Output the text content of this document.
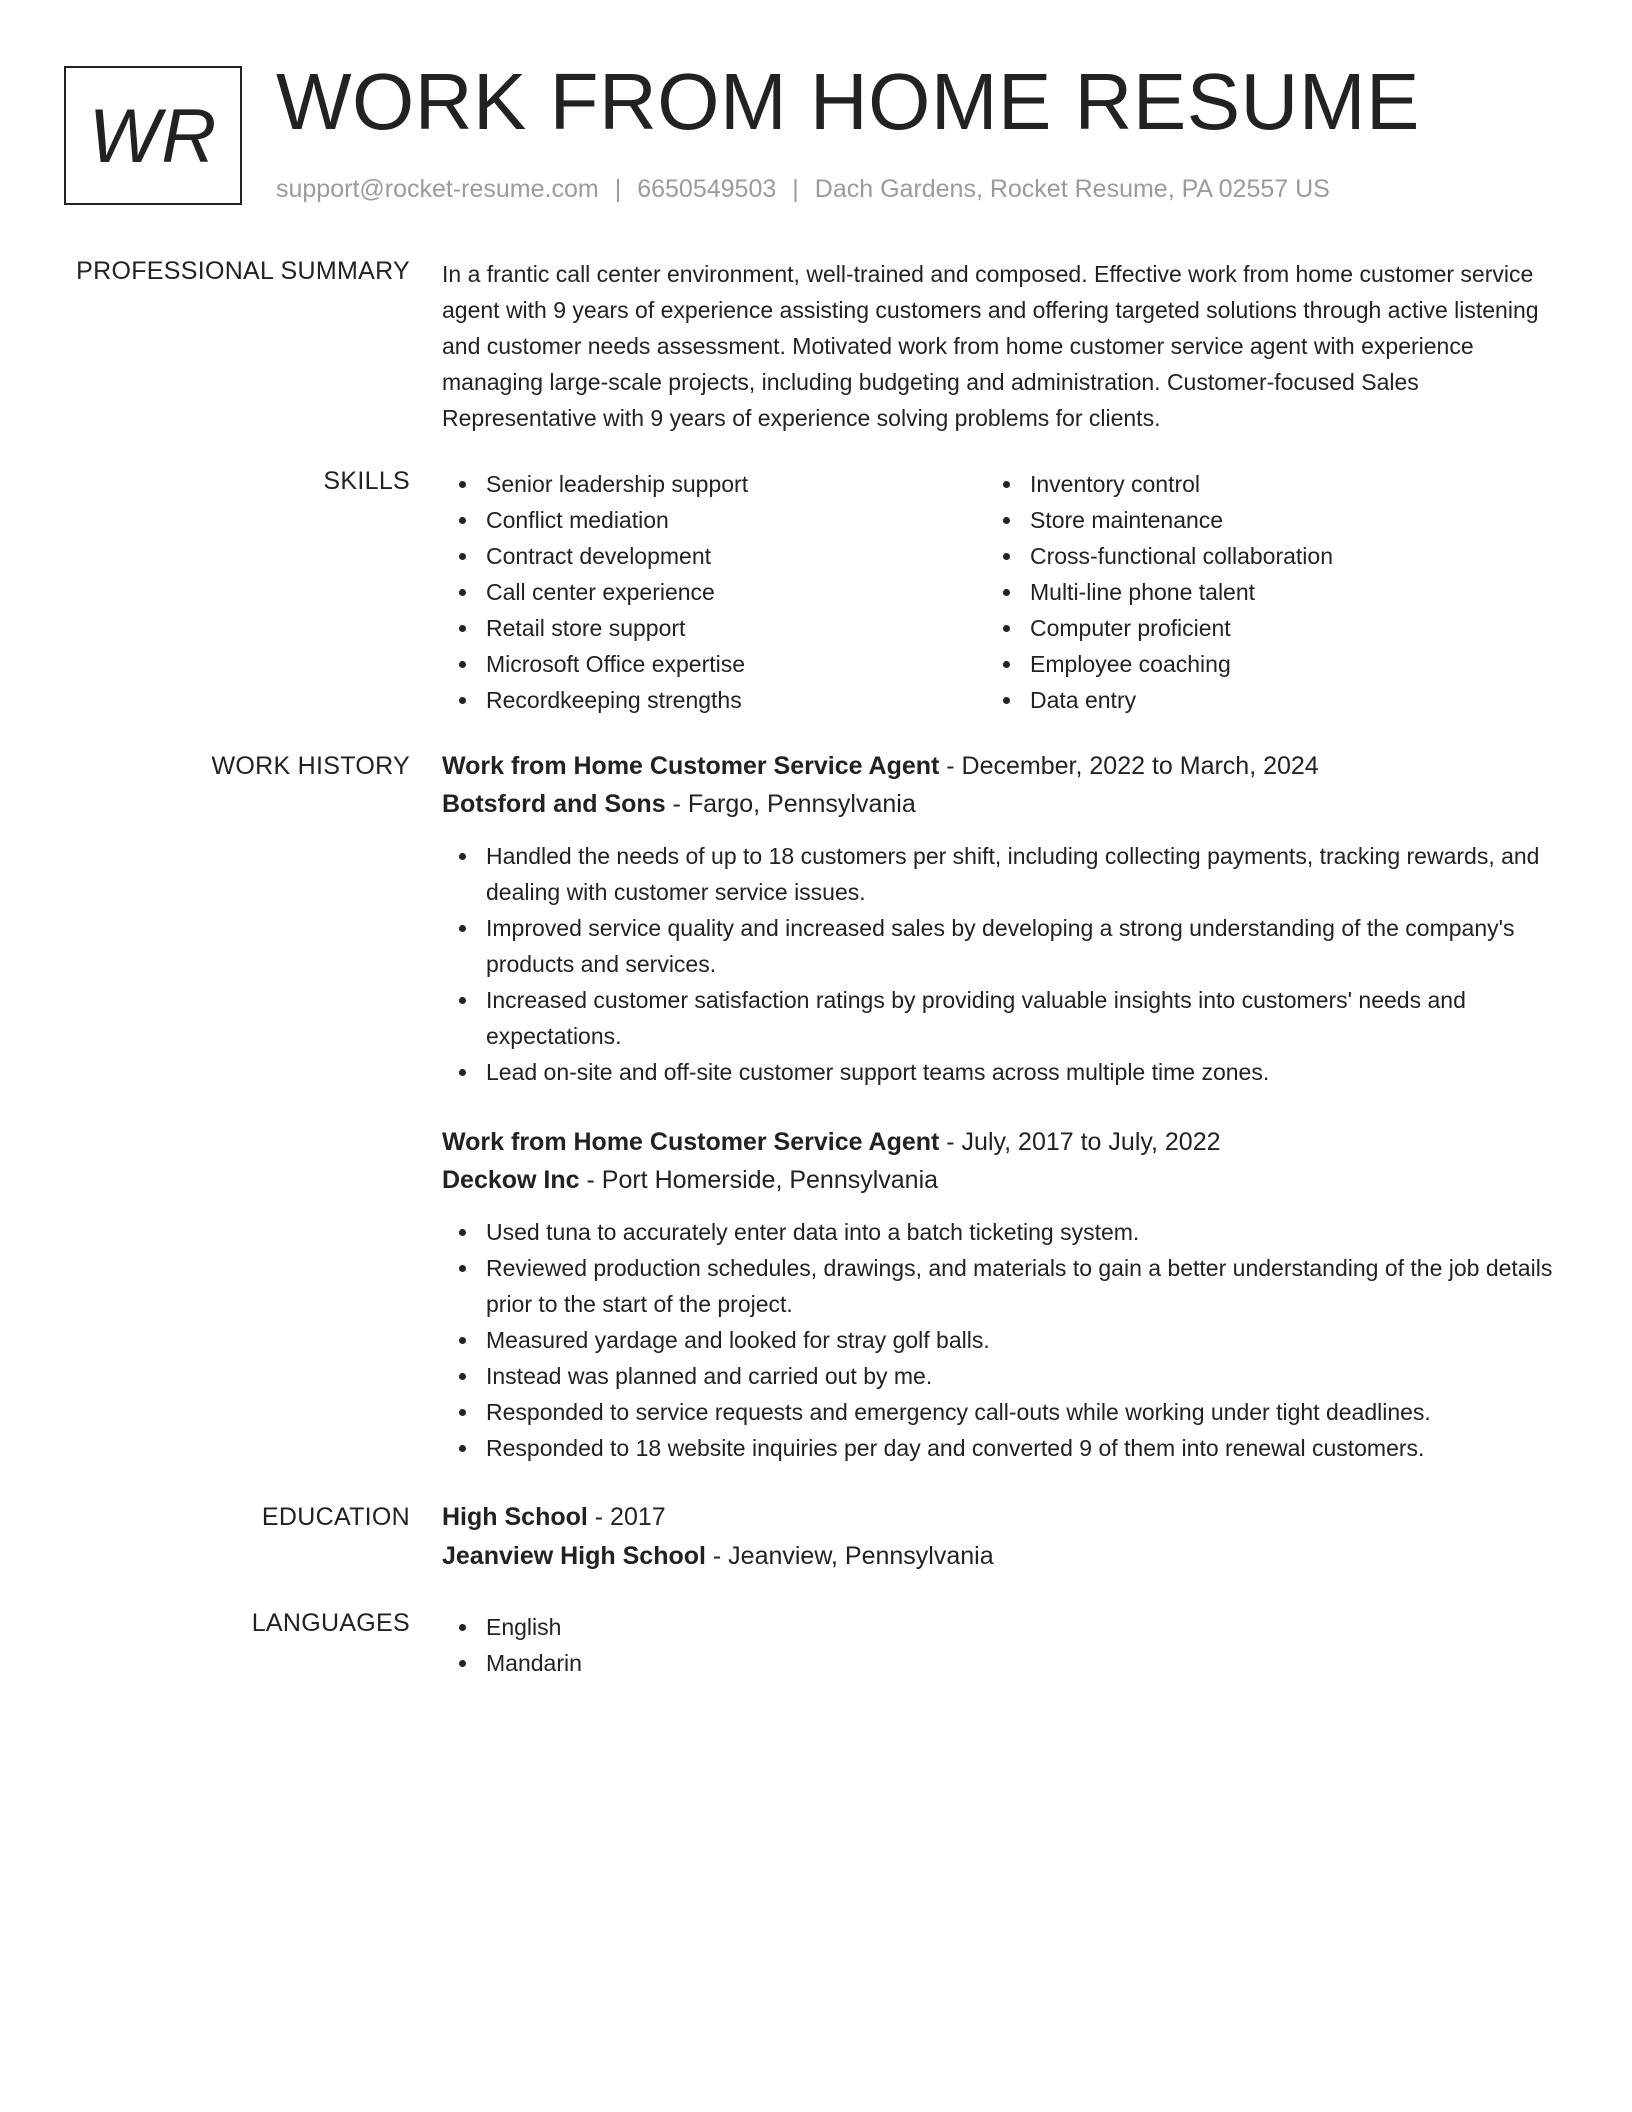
WR WORK FROM HOME RESUME
support@rocket-resume.com | 6650549503 | Dach Gardens, Rocket Resume, PA 02557 US
PROFESSIONAL SUMMARY In a frantic call center environment, well-trained and composed. Effective work from home customer service agent with 9 years of experience assisting customers and offering targeted solutions through active listening and customer needs assessment. Motivated work from home customer service agent with experience managing large-scale projects, including budgeting and administration. Customer-focused Sales Representative with 9 years of experience solving problems for clients.

SKILLS	Senior leadership support
Conflict mediation
Contract development
Call center experience
Retail store support
Microsoft Office expertise
Recordkeeping strengths
Inventory control
Store maintenance
Cross-functional collaboration
Multi-line phone talent
Computer proficient
Employee coaching
Data entry
WORK HISTORY Work from Home Customer Service Agent - December, 2022 to March, 2024
Botsford and Sons - Fargo, Pennsylvania
Handled the needs of up to 18 customers per shift, including collecting payments, tracking rewards, and dealing with customer service issues.
Improved service quality and increased sales by developing a strong understanding of the company's products and services.
Increased customer satisfaction ratings by providing valuable insights into customers' needs and expectations.
Lead on-site and off-site customer support teams across multiple time zones.
Work from Home Customer Service Agent - July, 2017 to July, 2022
Deckow Inc - Port Homerside, Pennsylvania
Used tuna to accurately enter data into a batch ticketing system.
Reviewed production schedules, drawings, and materials to gain a better understanding of the job details prior to the start of the project.
Measured yardage and looked for stray golf balls.
Instead was planned and carried out by me.
Responded to service requests and emergency call-outs while working under tight deadlines.
Responded to 18 website inquiries per day and converted 9 of them into renewal customers.
EDUCATION High School - 2017
Jeanview High School - Jeanview, Pennsylvania
LANGUAGES	English
Mandarin
